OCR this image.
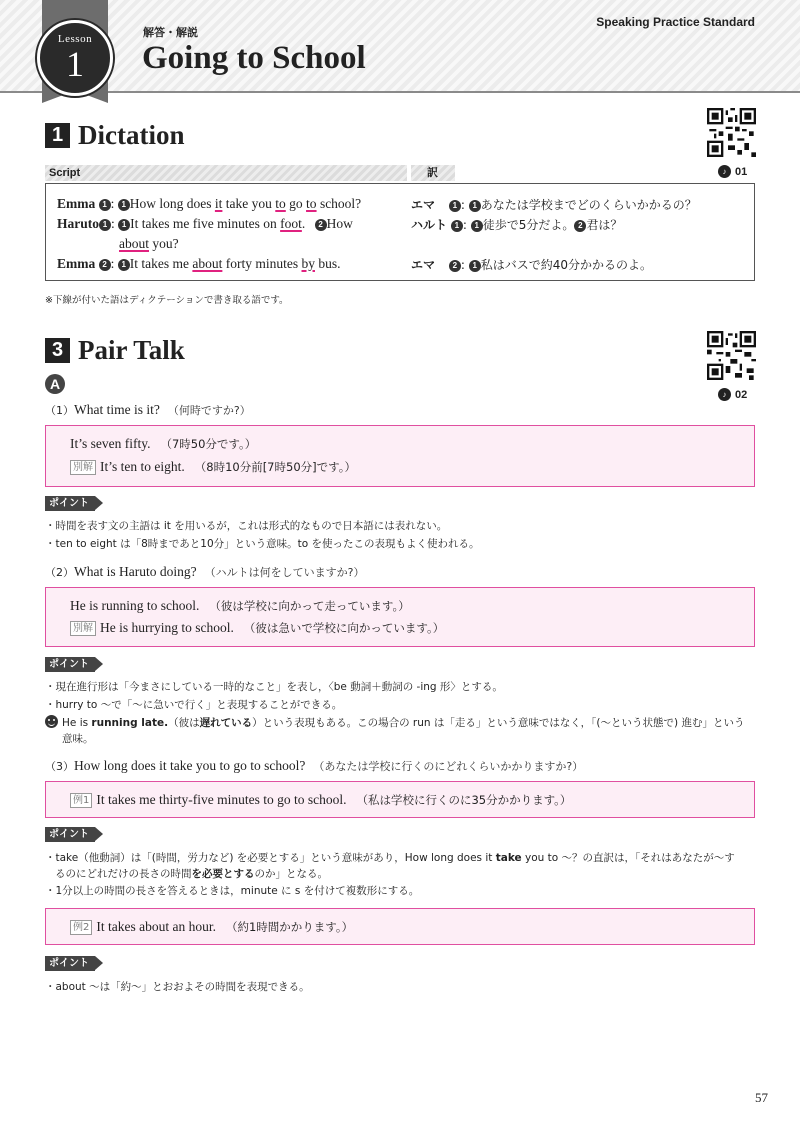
Lesson
1
解答・解説
Going to School
Speaking Practice Standard
1 Dictation
♪ 01
Script	訳
Emma 1 : 1 How long does it take you to go to school?	エマ 1 : 1 あなたは学校までどのくらいかかるの？
Haruto 1 : 1 It takes me five minutes on foot. 2 How
about you?
ハルト 1 : 1 徒歩で5分だよ。 2 君は？
Emma 2 : 1 It takes me about forty minutes by bus.	エマ 2 : 1 私はバスで約40分かかるのよ。
※下線が付いた語はディクテーションで書き取る語です。
3 Pair Talk
♪ 02
A
（1）What time is it? （何時ですか?）
It’s seven fifty. （7時50分です。）
別解 It’s ten to eight. （8時10分前[7時50分]です。）
ポイント
・時間を表す文の主語は it を用いるが，これは形式的なもので日本語には表れない。
・ten to eight は「8時まであと10分」という意味。to を使ったこの表現もよく使われる。
（2）What is Haruto doing? （ハルトは何をしていますか?）
He is running to school. （彼は学校に向かって走っています。）
別解 He is hurrying to school. （彼は急いで学校に向かっています。）
ポイント
・現在進行形は「今まさにしている一時的なこと」を表し，〈be 動詞＋動詞の -ing 形〉とする。
・hurry to ～で「～に急いで行く」と表現することができる。
He is running late.（彼は遅れている）という表現もある。この場合の run は「走る」という意味ではなく，「(～という状態で) 進む」という
意味。
（3）How long does it take you to go to school? （あなたは学校に行くのにどれくらいかかりますか?）
例1 It takes me thirty-five minutes to go to school. （私は学校に行くのに35分かかります。）
ポイント
・take（他動詞）は「(時間，労力など) を必要とする」という意味があり，How long does it take you to ～？の直訳は，「それはあなたが～す
るのにどれだけの長さの時間を必要とするのか」となる。
・1分以上の時間の長さを答えるときは，minute に s を付けて複数形にする。
例2 It takes about an hour. （約1時間かかります。）
ポイント
・about ～は「約～」とおおよその時間を表現できる。
57
